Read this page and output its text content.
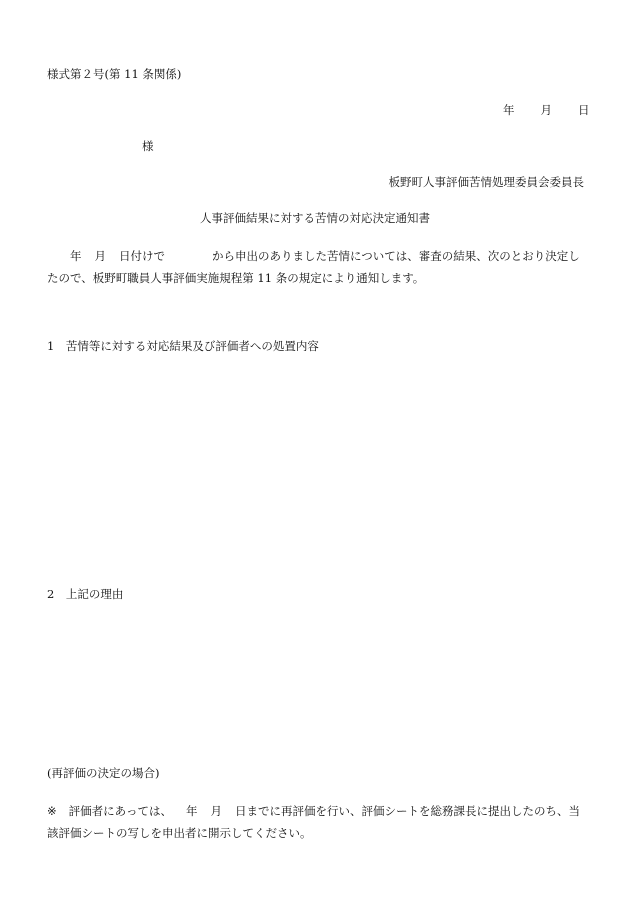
様式第２号(第 11 条関係)
年 月 日
様
板野町人事評価苦情処理委員会委員長
人事評価結果に対する苦情の対応決定通知書
年 月 日付けで	から申出のありました苦情については、審査の結果、次のとおり決定し
たので、板野町職員人事評価実施規程第 11 条の規定により通知します。
1　苦情等に対する対応結果及び評価者への処置内容
2　上記の理由
(再評価の決定の場合)
※ 評価者にあっては、 年 月 日までに再評価を行い、評価シートを総務課長に提出したのち、当
該評価シートの写しを申出者に開示してください。
